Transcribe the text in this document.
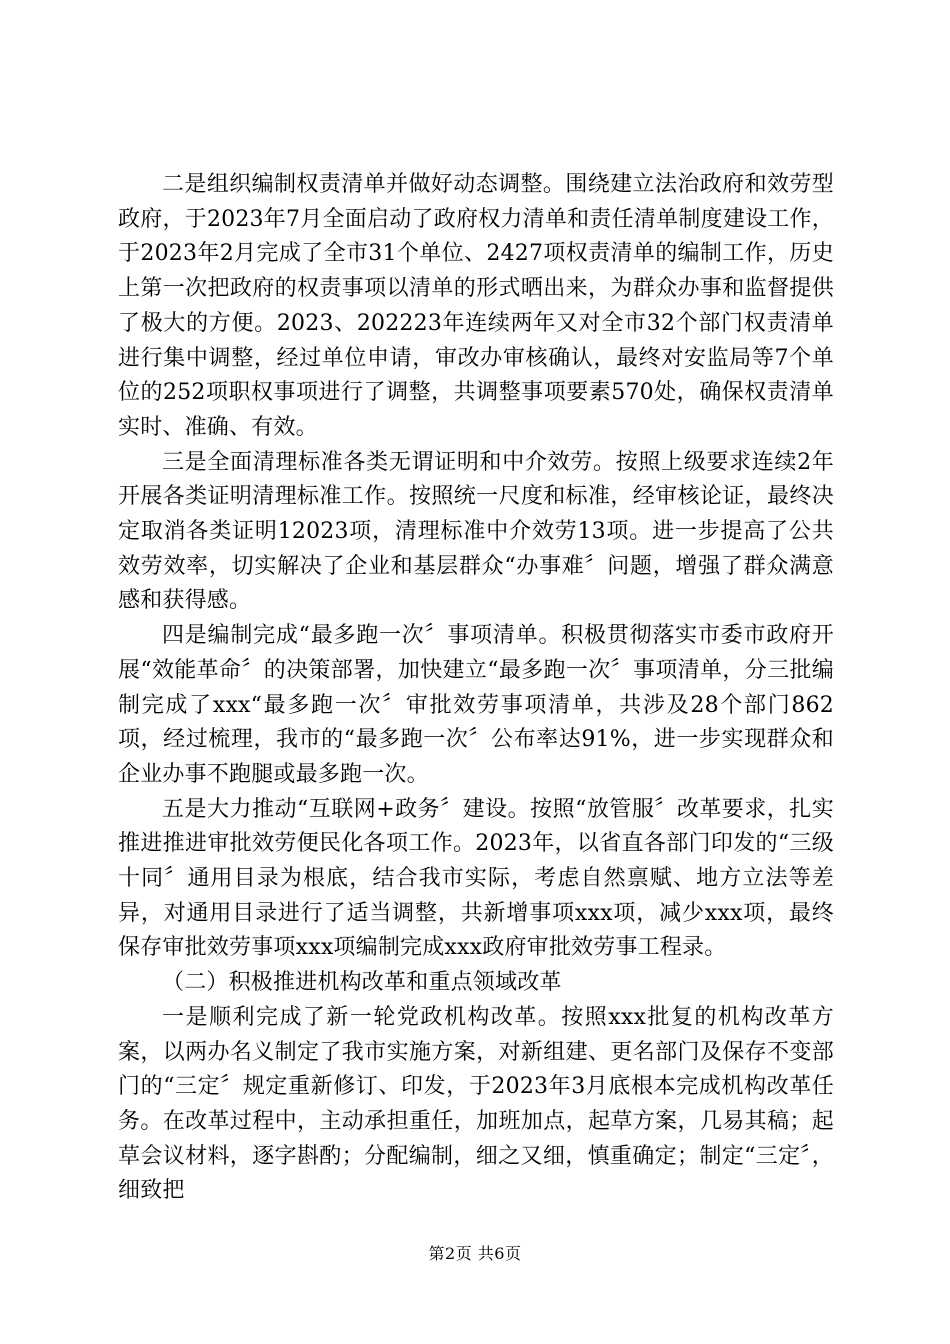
二是组织编制权责清单并做好动态调整。围绕建立法治政府和效劳型政府，于2023年7月全面启动了政府权力清单和责任清单制度建设工作，于2023年2月完成了全市31个单位、2427项权责清单的编制工作，历史上第一次把政府的权责事项以清单的形式晒出来，为群众办事和监督提供了极大的方便。2023、202223年连续两年又对全市32个部门权责清单进行集中调整，经过单位申请，审改办审核确认，最终对安监局等7个单位的252项职权事项进行了调整，共调整事项要素570处，确保权责清单实时、准确、有效。

三是全面清理标准各类无谓证明和中介效劳。按照上级要求连续2年开展各类证明清理标准工作。按照统一尺度和标准，经审核论证，最终决定取消各类证明12023项，清理标准中介效劳13项。进一步提高了公共效劳效率，切实解决了企业和基层群众“办事难〞问题，增强了群众满意感和获得感。

四是编制完成“最多跑一次〞事项清单。积极贯彻落实市委市政府开展“效能革命〞的决策部署，加快建立“最多跑一次〞事项清单，分三批编制完成了xxx“最多跑一次〞审批效劳事项清单，共涉及28个部门862项，经过梳理，我市的“最多跑一次〞公布率达91%，进一步实现群众和企业办事不跑腿或最多跑一次。

五是大力推动“互联网+政务〞建设。按照“放管服〞改革要求，扎实推进推进审批效劳便民化各项工作。2023年，以省直各部门印发的“三级十同〞通用目录为根底，结合我市实际，考虑自然禀赋、地方立法等差异，对通用目录进行了适当调整，共新增事项xxx项，减少xxx项，最终保存审批效劳事项xxx项编制完成xxx政府审批效劳事工程录。

（二）积极推进机构改革和重点领域改革

一是顺利完成了新一轮党政机构改革。按照xxx批复的机构改革方案，以两办名义制定了我市实施方案，对新组建、更名部门及保存不变部门的“三定〞规定重新修订、印发，于2023年3月底根本完成机构改革任务。在改革过程中，主动承担重任，加班加点，起草方案，几易其稿；起草会议材料，逐字斟酌；分配编制，细之又细，慎重确定；制定“三定〞，细致把

第2页 共6页
